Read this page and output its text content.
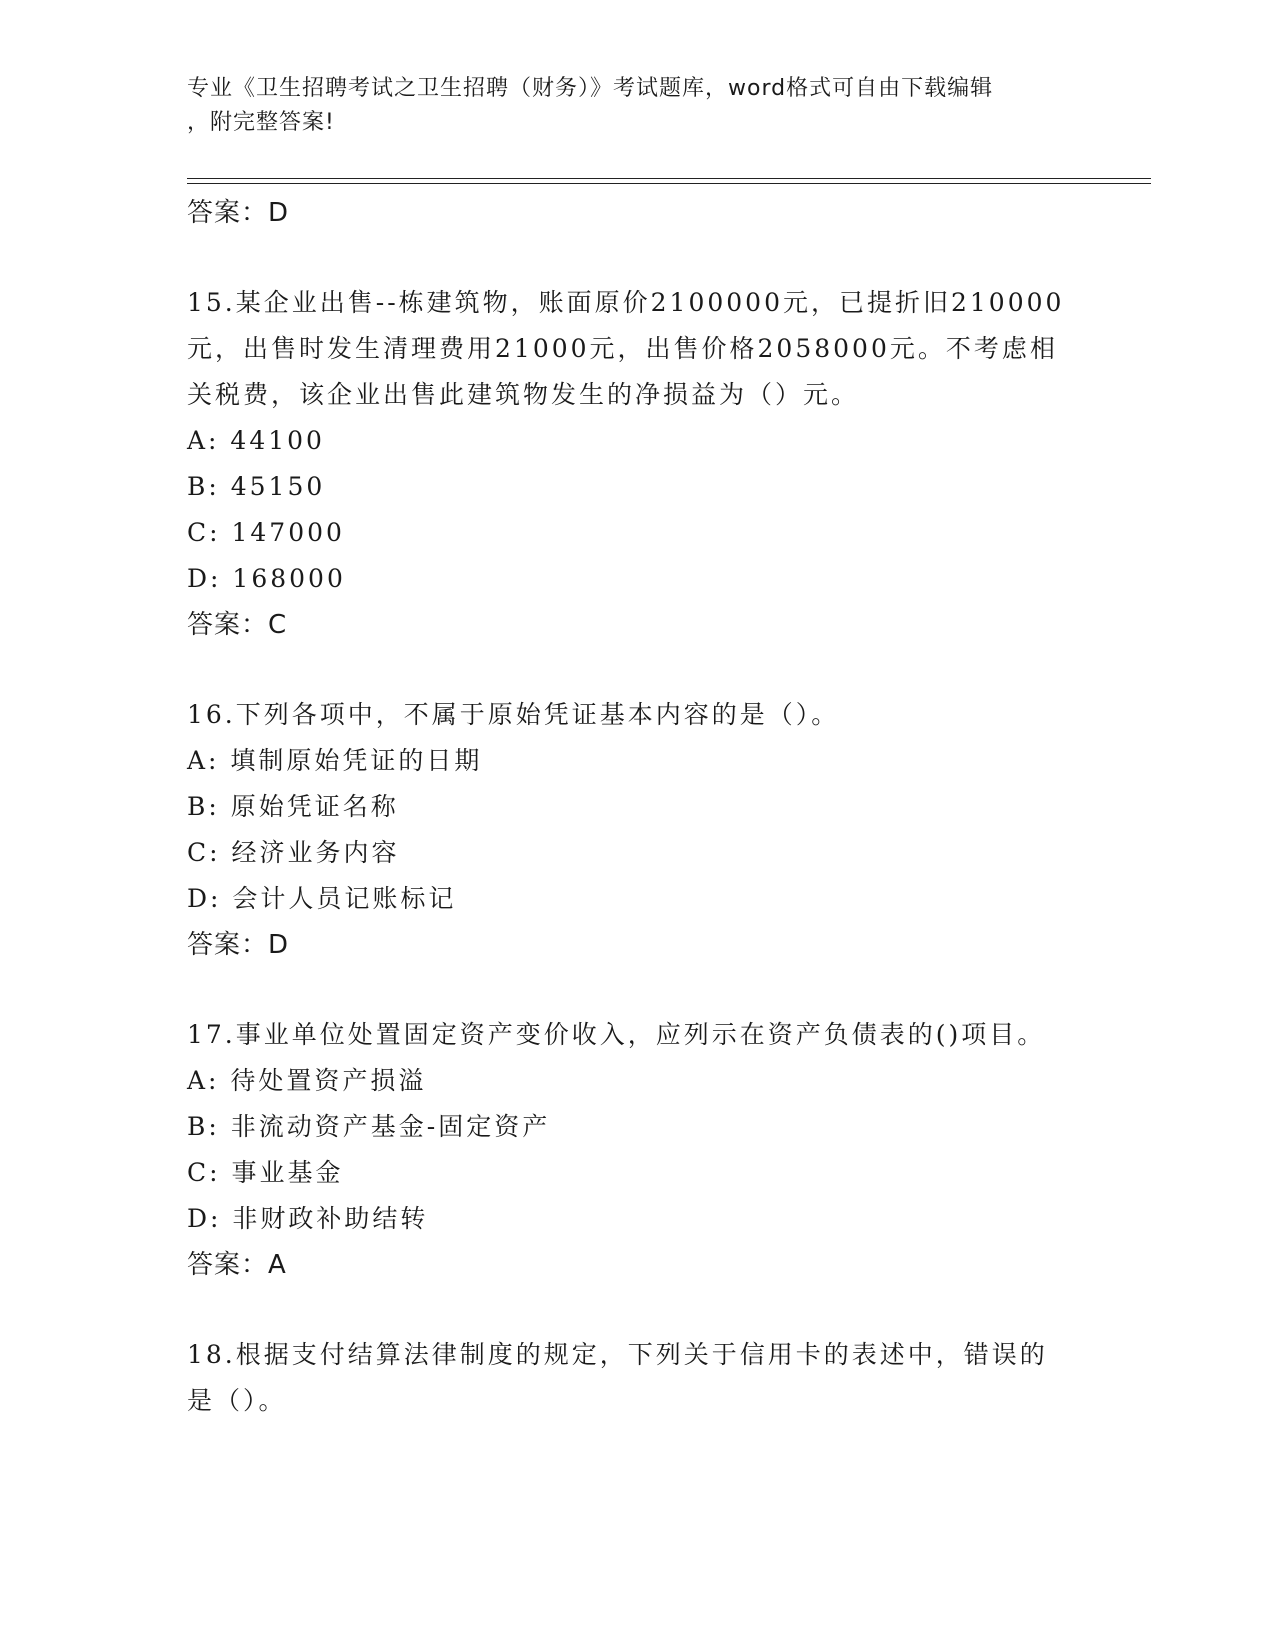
专业《卫生招聘考试之卫生招聘（财务）》考试题库，word格式可自由下载编辑
，附完整答案!
答案：D
15.某企业出售--栋建筑物，账面原价2100000元，已提折旧210000
元，出售时发生清理费用21000元，出售价格2058000元。不考虑相
关税费，该企业出售此建筑物发生的净损益为（）元。
A: 44100
B: 45150
C: 147000
D: 168000
答案：C
16.下列各项中，不属于原始凭证基本内容的是（）。
A: 填制原始凭证的日期
B: 原始凭证名称
C: 经济业务内容
D: 会计人员记账标记
答案：D
17.事业单位处置固定资产变价收入，应列示在资产负债表的()项目。
A: 待处置资产损溢
B: 非流动资产基金-固定资产
C: 事业基金
D: 非财政补助结转
答案：A
18.根据支付结算法律制度的规定，下列关于信用卡的表述中，错误的
是（）。
